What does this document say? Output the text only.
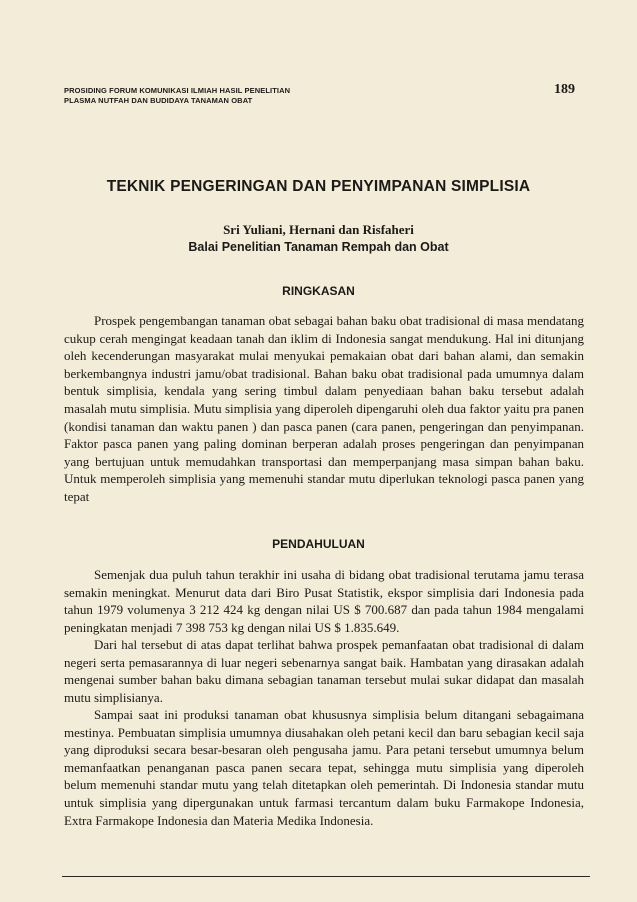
PROSIDING FORUM KOMUNIKASI ILMIAH HASIL PENELITIAN
PLASMA NUTFAH DAN BUDIDAYA TANAMAN OBAT
189
TEKNIK PENGERINGAN DAN PENYIMPANAN SIMPLISIA
Sri Yuliani, Hernani dan Risfaheri
Balai Penelitian Tanaman Rempah dan Obat
RINGKASAN

Prospek pengembangan tanaman obat sebagai bahan baku obat tradisional di masa mendatang cukup cerah mengingat keadaan tanah dan iklim di Indonesia sangat mendukung. Hal ini ditunjang oleh kecenderungan masyarakat mulai menyukai pemakaian obat dari bahan alami, dan semakin berkembangnya industri jamu/obat tradisional. Bahan baku obat tradisional pada umumnya dalam bentuk simplisia, kendala yang sering timbul dalam penyediaan bahan baku tersebut adalah masalah mutu simplisia. Mutu simplisia yang diperoleh dipengaruhi oleh dua faktor yaitu pra panen (kondisi tanaman dan waktu panen ) dan pasca panen (cara panen, pengeringan dan penyimpanan. Faktor pasca panen yang paling dominan berperan adalah proses pengeringan dan penyimpanan yang bertujuan untuk memudahkan transportasi dan memperpanjang masa simpan bahan baku. Untuk memperoleh simplisia yang memenuhi standar mutu diperlukan teknologi pasca panen yang tepat

PENDAHULUAN

Semenjak dua puluh tahun terakhir ini usaha di bidang obat tradisional terutama jamu terasa semakin meningkat. Menurut data dari Biro Pusat Statistik, ekspor simplisia dari Indonesia pada tahun 1979 volumenya 3 212 424 kg dengan nilai US $ 700.687 dan pada tahun 1984 mengalami peningkatan menjadi 7 398 753 kg dengan nilai US $ 1.835.649.

Dari hal tersebut di atas dapat terlihat bahwa prospek pemanfaatan obat tradisional di dalam negeri serta pemasarannya di luar negeri sebenarnya sangat baik. Hambatan yang dirasakan adalah mengenai sumber bahan baku dimana sebagian tanaman tersebut mulai sukar didapat dan masalah mutu simplisianya.

Sampai saat ini produksi tanaman obat khususnya simplisia belum ditangani sebagaimana mestinya. Pembuatan simplisia umumnya diusahakan oleh petani kecil dan baru sebagian kecil saja yang diproduksi secara besar-besaran oleh pengusaha jamu. Para petani tersebut umumnya belum memanfaatkan penanganan pasca panen secara tepat, sehingga mutu simplisia yang diperoleh belum memenuhi standar mutu yang telah ditetapkan oleh pemerintah. Di Indonesia standar mutu untuk simplisia yang dipergunakan untuk farmasi tercantum dalam buku Farmakope Indonesia, Extra Farmakope Indonesia dan Materia Medika Indonesia.
